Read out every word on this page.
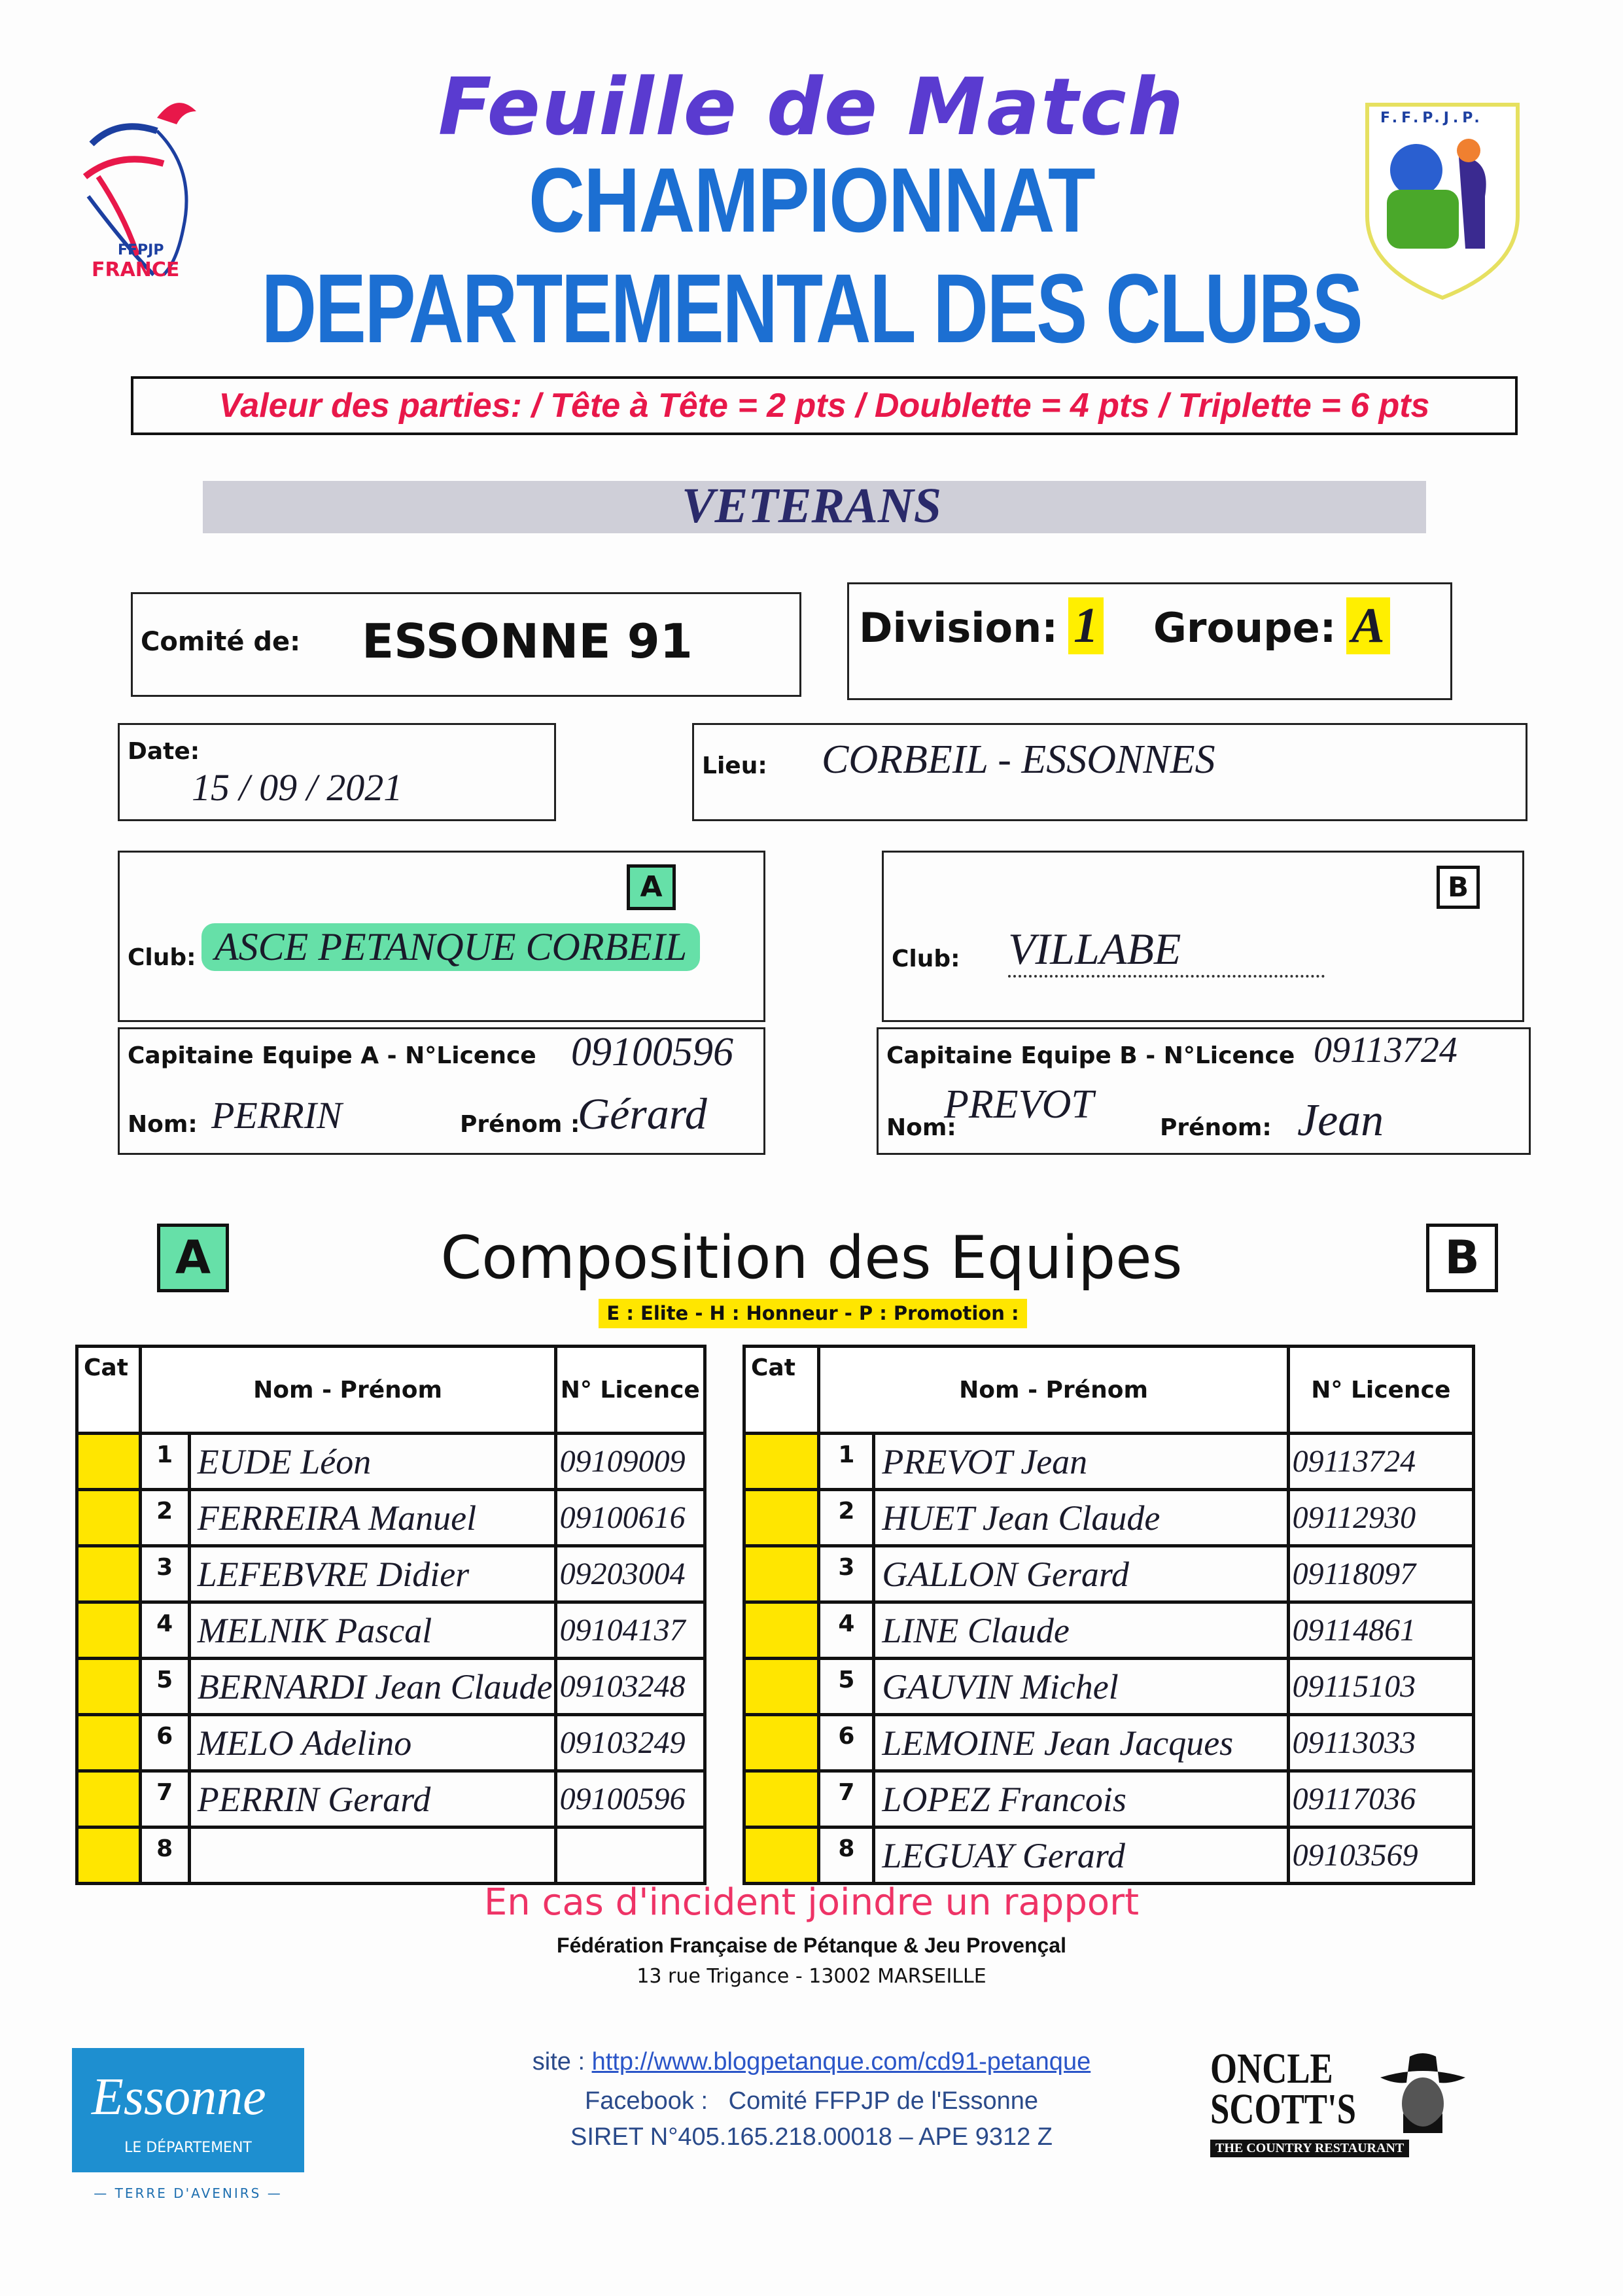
FFPJP
FRANCE
F.F.P.J.P.
Feuille de Match
CHAMPIONNAT
DEPARTEMENTAL DES CLUBS
Valeur des parties: / Tête à Tête = 2 pts / Doublette = 4 pts / Triplette = 6 pts
VETERANS
Comité de: ESSONNE 91	Division: 1 Groupe: A
Date:
15 / 09 / 2021
Lieu: CORBEIL - ESSONNES
A
Club: ASCE PETANQUE CORBEIL
B
Club: VILLABE
Capitaine Equipe A - N°Licence 09100596
Nom: PERRIN	Prénom :
Gérard
Capitaine Equipe B - N°Licence 09113724
Nom:
PREVOT
Prénom: Jean
A	Composition des Equipes	B
E : Elite - H : Honneur - P : Promotion :
Cat	Nom - Prénom		N° Licence
	1	EUDE Léon	09109009
	2	FERREIRA Manuel	09100616
	3	LEFEBVRE Didier	09203004
	4	MELNIK Pascal	09104137
	5	BERNARDI Jean Claude	09103248
	6	MELO Adelino	09103249
	7	PERRIN Gerard	09100596
	8		
Cat	Nom - Prénom		N° Licence
	1	PREVOT Jean	09113724
	2	HUET Jean Claude	09112930
	3	GALLON Gerard	09118097
	4	LINE Claude	09114861
	5	GAUVIN Michel	09115103
	6	LEMOINE Jean Jacques	09113033
	7	LOPEZ Francois	09117036
	8	LEGUAY Gerard	09103569
En cas d'incident joindre un rapport
Fédération Française de Pétanque & Jeu Provençal
13 rue Trigance - 13002 MARSEILLE
site : http://www.blogpetanque.com/cd91-petanque
Facebook :   Comité FFPJP de l'Essonne
SIRET N°405.165.218.00018 – APE 9312 Z
Essonne
LE DÉPARTEMENT
— TERRE D'AVENIRS —
ONCLE
SCOTT'S
THE COUNTRY RESTAURANT
